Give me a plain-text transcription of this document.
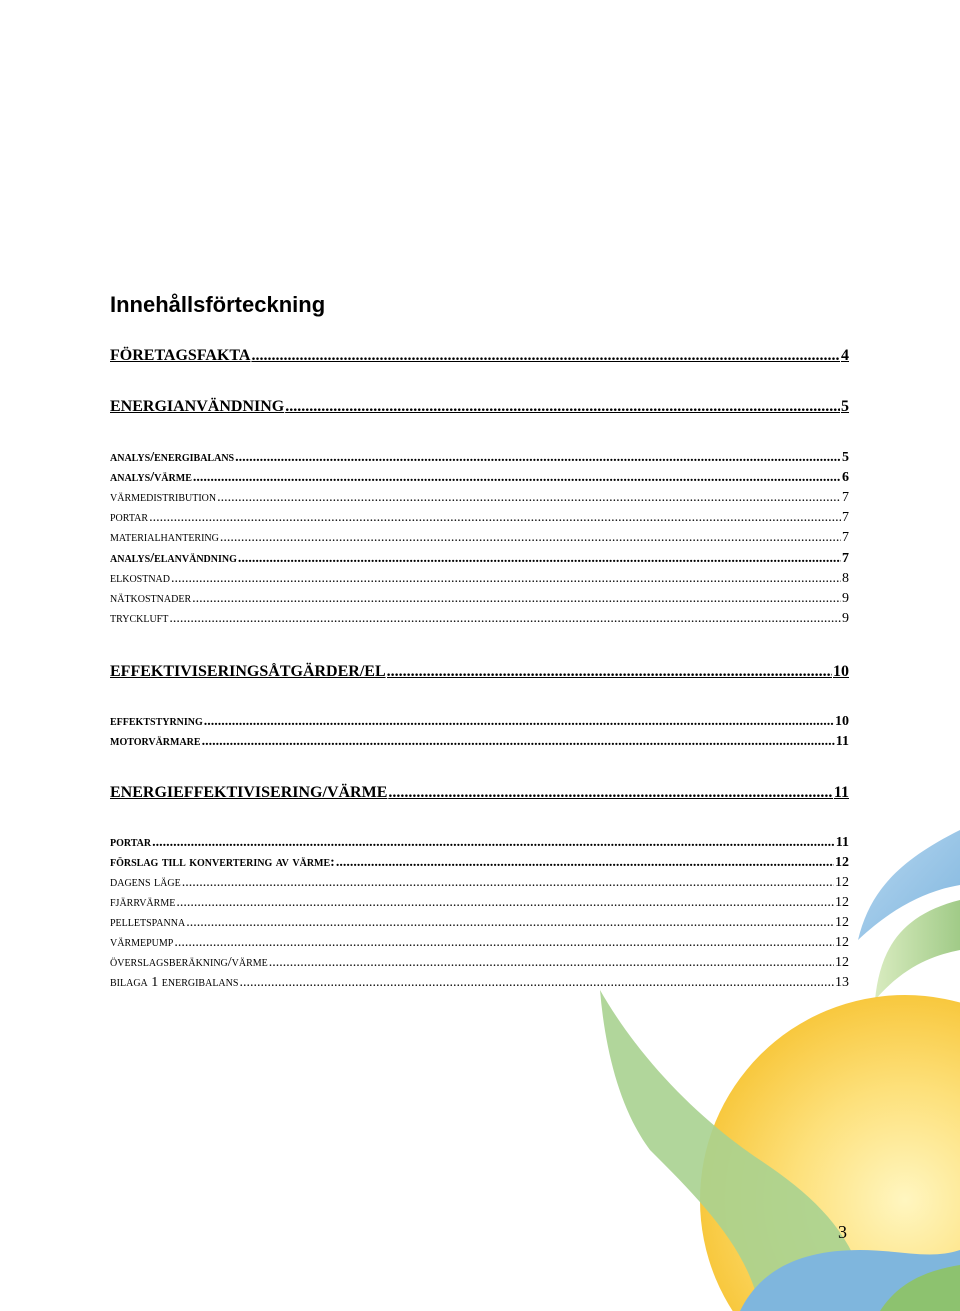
Innehållsförteckning
FÖRETAGSFAKTA .....	4
ENERGIANVÄNDNING .....	5
analys/energibalans .....	5
analys/värme .....	6
värmedistribution .....	7
portar .....	7
materialhantering .....	7
analys/elanvändning .....	7
elkostnad .....	8
nätkostnader .....	9
tryckluft .....	9
EFFEKTIVISERINGSÅTGÄRDER/EL .....	10
effektstyrning .....	10
motorvärmare .....	11
ENERGIEFFEKTIVISERING/VÄRME .....	11
portar .....	11
förslag till konvertering av värme: .....	12
dagens läge .....	12
fjärrvärme .....	12
pelletspanna .....	12
värmepump .....	12
överslagsberäkning/värme .....	12
bilaga 1 energibalans .....	13
3
